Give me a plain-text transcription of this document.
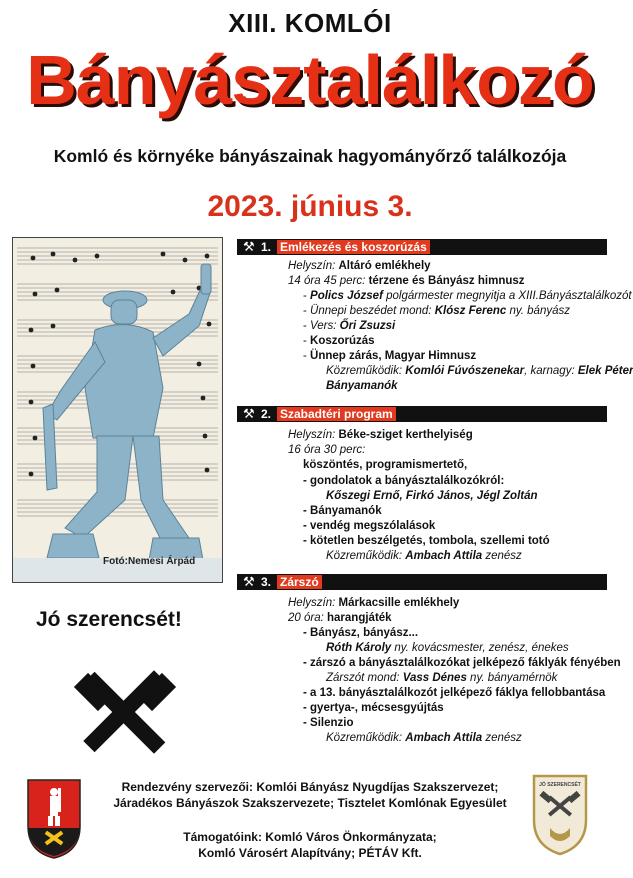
XIII. KOMLÓI
Bányásztalálkozó
Komló és környéke bányászainak hagyományőrző találkozója
2023. június 3.
Fotó:Nemesi Árpád
⚒ 1. Emlékezés és koszorúzás
Helyszín: Altáró emlékhely
14 óra 45 perc: térzene és Bányász himnusz
- Polics József polgármester megnyitja a XIII.Bányásztalálkozót
- Ünnepi beszédet mond: Klósz Ferenc ny. bányász
- Vers: Őri Zsuzsi
- Koszorúzás
- Ünnep zárás, Magyar Himnusz
Közreműködik: Komlói Fúvószenekar, karnagy: Elek Péter
Bányamanók
⚒ 2. Szabadtéri program
Helyszín: Béke-sziget kerthelyiség
16 óra 30 perc:
köszöntés, programismertető,
- gondolatok a bányásztalálkozókról:
Kőszegi Ernő, Firkó János, Jégl Zoltán
- Bányamanók
- vendég megszólalások
- kötetlen beszélgetés, tombola, szellemi totó
Közreműködik: Ambach Attila zenész
⚒ 3. Zárszó
Helyszín: Márkacsille emlékhely
20 óra: harangjáték
- Bányász, bányász...
Róth Károly ny. kovácsmester, zenész, énekes
- zárszó a bányásztalálkozókat jelképező fáklyák fényében
Zárszót mond: Vass Dénes ny. bányamérnök
- a 13. bányásztalálkozót jelképező fáklya fellobbantása
- gyertya-, mécsesgyújtás
- Silenzio
Közreműködik: Ambach Attila zenész
Jó szerencsét!
JÓ SZERENCSÉT
Rendezvény szervezői: Komlói Bányász Nyugdíjas Szakszervezet;
Járadékos Bányászok Szakszervezete; Tisztelet Komlónak Egyesület
Támogatóink: Komló Város Önkormányzata;
Komló Városért Alapítvány; PÉTÁV Kft.
